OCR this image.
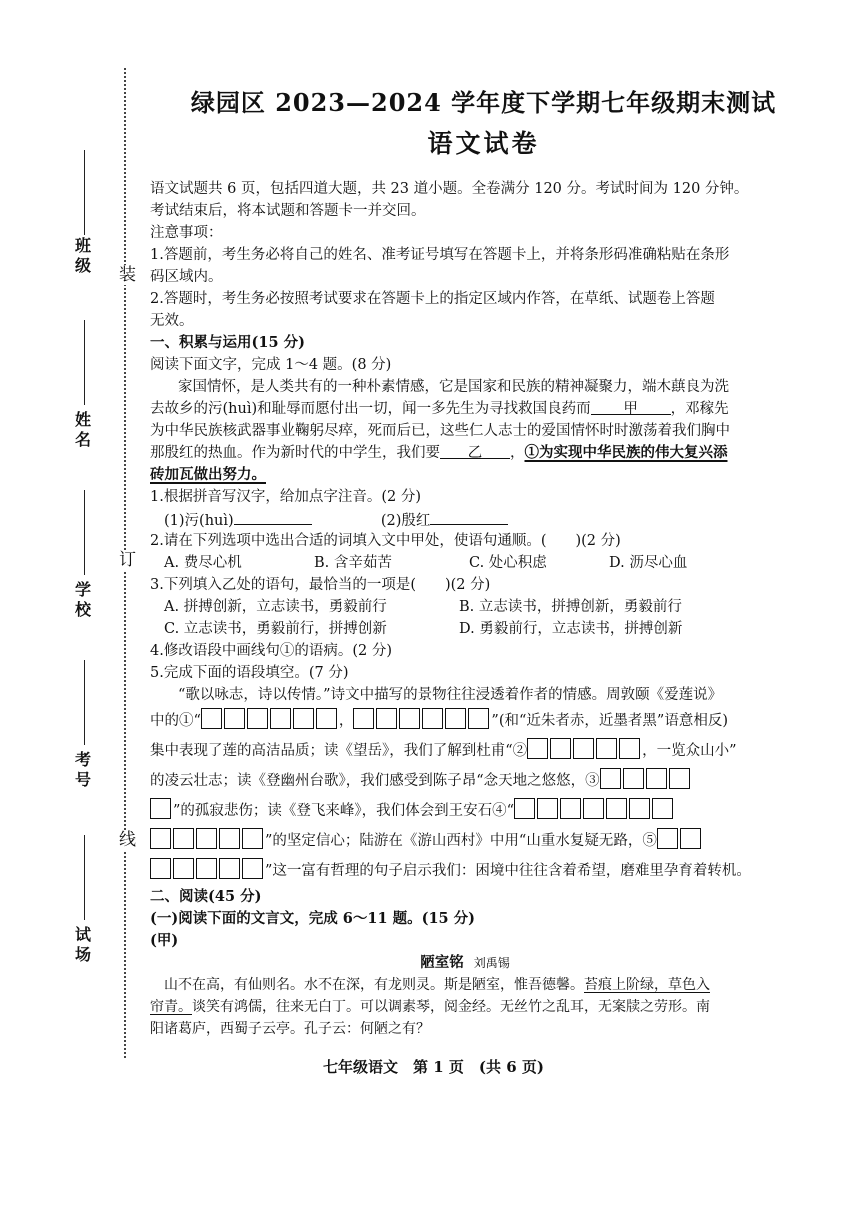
装
订
线
班级
姓名
学校
考号
试场
绿园区 2023—2024 学年度下学期七年级期末测试
语文试卷
语文试题共 6 页，包括四道大题，共 23 道小题。全卷满分 120 分。考试时间为 120 分钟。
考试结束后，将本试题和答题卡一并交回。
注意事项：
1.答题前，考生务必将自己的姓名、准考证号填写在答题卡上，并将条形码准确粘贴在条形
码区域内。
2.答题时，考生务必按照考试要求在答题卡上的指定区域内作答，在草纸、试题卷上答题
无效。
一、积累与运用(15 分)
阅读下面文字，完成 1～4 题。(8 分)
家国情怀，是人类共有的一种朴素情感，它是国家和民族的精神凝聚力，端木蕻良为洗
去故乡的污(huì)和耻辱而愿付出一切，闻一多先生为寻找救国良药而 甲 ，邓稼先
为中华民族核武器事业鞠躬尽瘁，死而后已，这些仁人志士的爱国情怀时时激荡着我们胸中
那殷红的热血。作为新时代的中学生，我们要 乙 ，①为实现中华民族的伟大复兴添
砖加瓦做出努力。
1.根据拼音写汉字，给加点字注音。(2 分)
(1)污(huì)	(2)殷红
2.请在下列选项中选出合适的词填入文中甲处，使语句通顺。(　　)(2 分)
A. 费尽心机	B. 含辛茹苦	C. 处心积虑	D. 沥尽心血
3.下列填入乙处的语句，最恰当的一项是(　　)(2 分)
A. 拼搏创新，立志读书，勇毅前行	B. 立志读书，拼搏创新，勇毅前行
C. 立志读书，勇毅前行，拼搏创新	D. 勇毅前行，立志读书，拼搏创新
4.修改语段中画线句①的语病。(2 分)
5.完成下面的语段填空。(7 分)
“歌以咏志，诗以传情。”诗文中描写的景物往往浸透着作者的情感。周敦颐《爱莲说》
中的①“	，	”(和“近朱者赤，近墨者黑”语意相反)
集中表现了莲的高洁品质；读《望岳》，我们了解到杜甫“②	，一览众山小”
的凌云壮志；读《登幽州台歌》，我们感受到陈子昂“念天地之悠悠，③
”的孤寂悲伤；读《登飞来峰》，我们体会到王安石④“
”的坚定信心；陆游在《游山西村》中用“山重水复疑无路，⑤
”这一富有哲理的句子启示我们：困境中往往含着希望，磨难里孕育着转机。
二、阅读(45 分)
(一)阅读下面的文言文，完成 6～11 题。(15 分)
(甲)
陋室铭 刘禹锡
山不在高，有仙则名。水不在深，有龙则灵。斯是陋室，惟吾德馨。苔痕上阶绿，草色入
帘青。谈笑有鸿儒，往来无白丁。可以调素琴，阅金经。无丝竹之乱耳，无案牍之劳形。南
阳诸葛庐，西蜀子云亭。孔子云：何陋之有？
七年级语文　第 1 页　(共 6 页)
